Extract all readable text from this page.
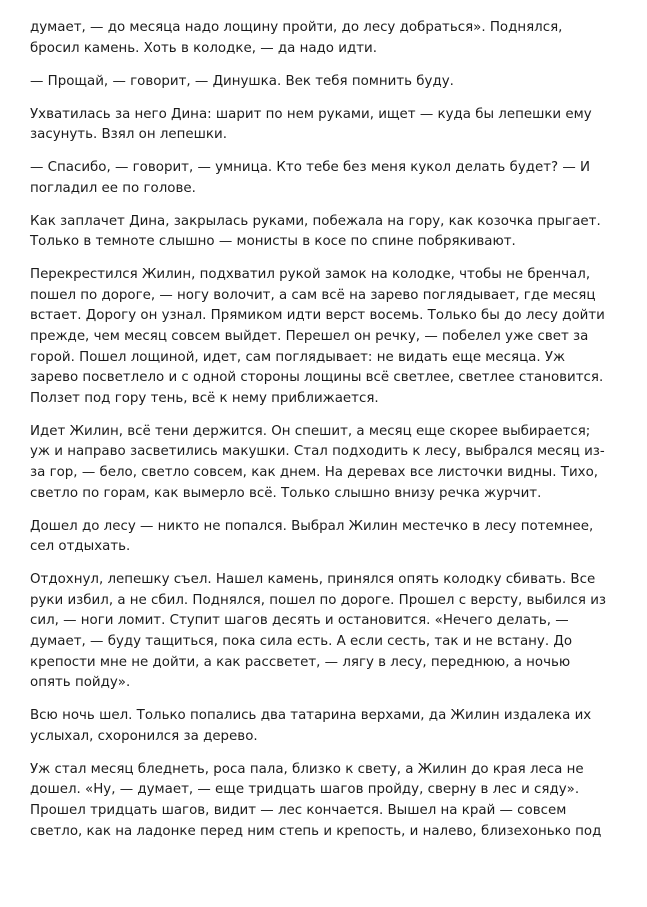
думает, — до месяца надо лощину пройти, до лесу добраться». Поднялся, бросил камень. Хоть в колодке, — да надо идти.

— Прощай, — говорит, — Динушка. Век тебя помнить буду.

Ухватилась за него Дина: шарит по нем руками, ищет — куда бы лепешки ему засунуть. Взял он лепешки.

— Спасибо, — говорит, — умница. Кто тебе без меня кукол делать будет? — И погладил ее по голове.

Как заплачет Дина, закрылась руками, побежала на гору, как козочка прыгает. Только в темноте слышно — монисты в косе по спине побрякивают.

Перекрестился Жилин, подхватил рукой замок на колодке, чтобы не бренчал, пошел по дороге, — ногу волочит, а сам всё на зарево поглядывает, где месяц встает. Дорогу он узнал. Прямиком идти верст восемь. Только бы до лесу дойти прежде, чем месяц совсем выйдет. Перешел он речку, — побелел уже свет за горой. Пошел лощиной, идет, сам поглядывает: не видать еще месяца. Уж зарево посветлело и с одной стороны лощины всё светлее, светлее становится. Ползет под гору тень, всё к нему приближается.

Идет Жилин, всё тени держится. Он спешит, а месяц еще скорее выбирается; уж и направо засветились макушки. Стал подходить к лесу, выбрался месяц из-за гор, — бело, светло совсем, как днем. На деревах все листочки видны. Тихо, светло по горам, как вымерло всё. Только слышно внизу речка журчит.

Дошел до лесу — никто не попался. Выбрал Жилин местечко в лесу потемнее, сел отдыхать.

Отдохнул, лепешку съел. Нашел камень, принялся опять колодку сбивать. Все руки избил, а не сбил. Поднялся, пошел по дороге. Прошел с версту, выбился из сил, — ноги ломит. Ступит шагов десять и остановится. «Нечего делать, — думает, — буду тащиться, пока сила есть. А если сесть, так и не встану. До крепости мне не дойти, а как рассветет, — лягу в лесу, переднюю, а ночью опять пойду».

Всю ночь шел. Только попались два татарина верхами, да Жилин издалека их услыхал, схоронился за дерево.

Уж стал месяц бледнеть, роса пала, близко к свету, а Жилин до края леса не дошел. «Ну, — думает, — еще тридцать шагов пройду, сверну в лес и сяду». Прошел тридцать шагов, видит — лес кончается. Вышел на край — совсем светло, как на ладонке перед ним степь и крепость, и налево, близехонько под
